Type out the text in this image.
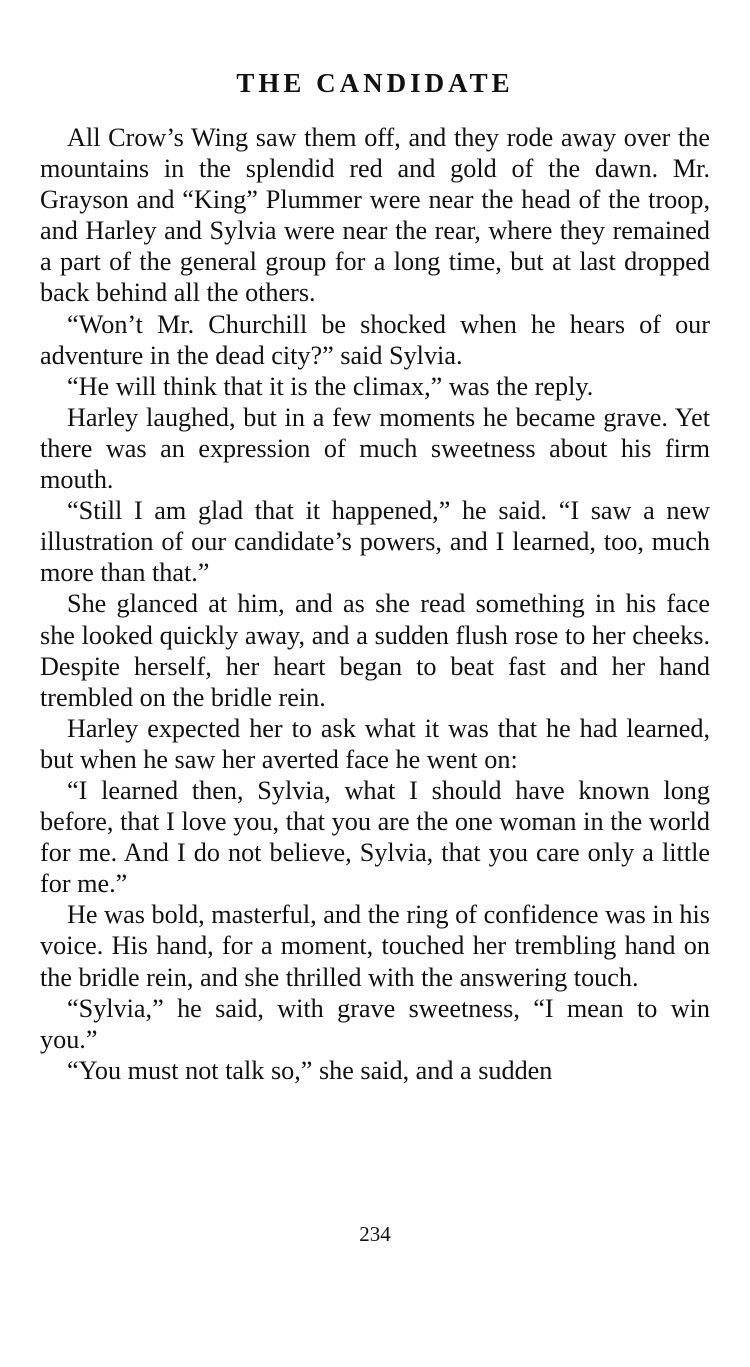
THE CANDIDATE

All Crow’s Wing saw them off, and they rode away over the mountains in the splendid red and gold of the dawn. Mr. Grayson and “King” Plummer were near the head of the troop, and Harley and Sylvia were near the rear, where they remained a part of the general group for a long time, but at last dropped back behind all the others.

“Won’t Mr. Churchill be shocked when he hears of our adventure in the dead city?” said Sylvia.

“He will think that it is the climax,” was the reply.

Harley laughed, but in a few moments he became grave. Yet there was an expression of much sweetness about his firm mouth.

“Still I am glad that it happened,” he said. “I saw a new illustration of our candidate’s powers, and I learned, too, much more than that.”

She glanced at him, and as she read something in his face she looked quickly away, and a sudden flush rose to her cheeks. Despite herself, her heart began to beat fast and her hand trembled on the bridle rein.

Harley expected her to ask what it was that he had learned, but when he saw her averted face he went on:

“I learned then, Sylvia, what I should have known long before, that I love you, that you are the one woman in the world for me. And I do not believe, Sylvia, that you care only a little for me.”

He was bold, masterful, and the ring of confidence was in his voice. His hand, for a moment, touched her trembling hand on the bridle rein, and she thrilled with the answering touch.

“Sylvia,” he said, with grave sweetness, “I mean to win you.”

“You must not talk so,” she said, and a sudden

234
